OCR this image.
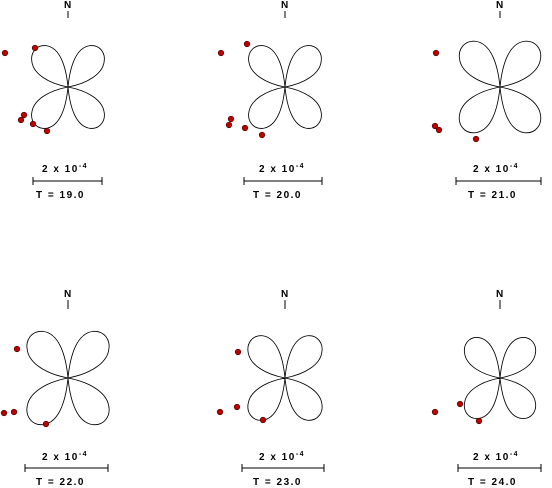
N
2 x $10^{-4}$
T = 19.0
N
2 x $10^{-4}$
T = 20.0
N
2 x $10^{-4}$
T = 21.0
N
2 x $10^{-4}$
T = 22.0
N
2 x $10^{-4}$
T = 23.0
N
2 x $10^{-4}$
T = 24.0
